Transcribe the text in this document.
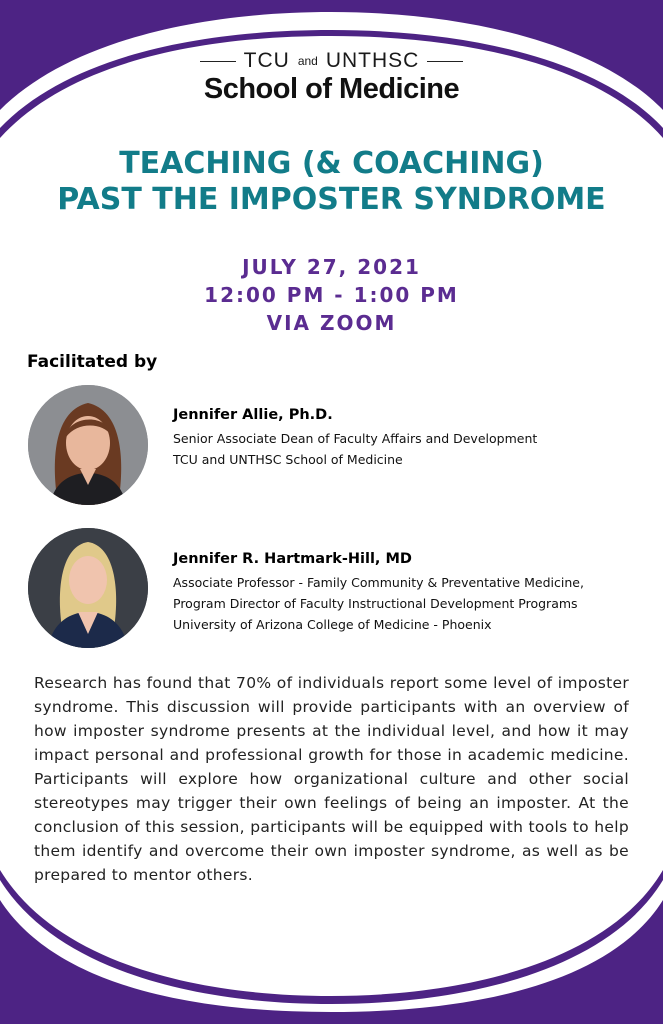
TCU and UNTHSC
School of Medicine
TEACHING (& COACHING)
PAST THE IMPOSTER SYNDROME
JULY 27, 2021
12:00 PM - 1:00 PM
VIA ZOOM
Facilitated by
Jennifer Allie, Ph.D.
Senior Associate Dean of Faculty Affairs and Development
TCU and UNTHSC School of Medicine
Jennifer R. Hartmark-Hill, MD
Associate Professor - Family Community & Preventative Medicine,
Program Director of Faculty Instructional Development Programs
University of Arizona College of Medicine - Phoenix
Research has found that 70% of individuals report some level of imposter syndrome. This discussion will provide participants with an overview of how imposter syndrome presents at the individual level, and how it may impact personal and professional growth for those in academic medicine. Participants will explore how organizational culture and other social stereotypes may trigger their own feelings of being an imposter. At the conclusion of this session, participants will be equipped with tools to help them identify and overcome their own imposter syndrome, as well as be prepared to mentor others.
